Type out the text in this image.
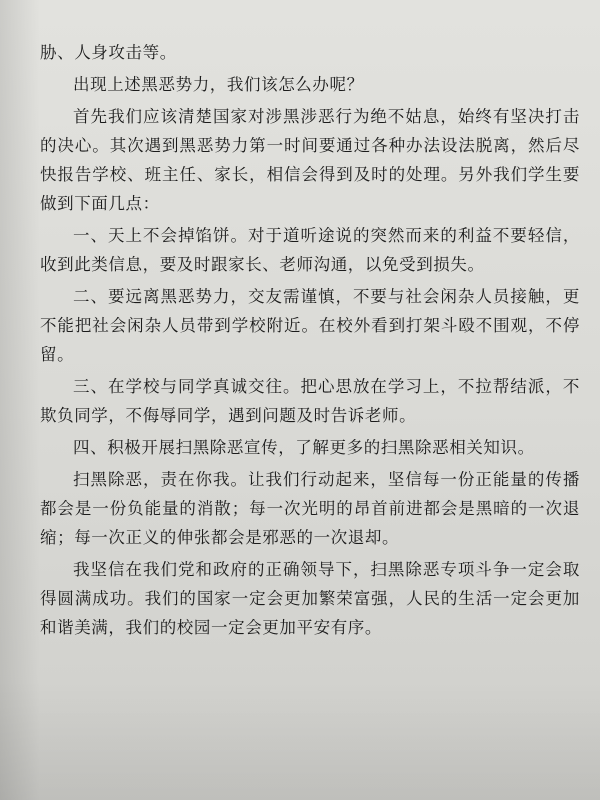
胁、人身攻击等。

出现上述黑恶势力，我们该怎么办呢？

首先我们应该清楚国家对涉黑涉恶行为绝不姑息，始终有坚决打击的决心。其次遇到黑恶势力第一时间要通过各种办法设法脱离，然后尽快报告学校、班主任、家长，相信会得到及时的处理。另外我们学生要做到下面几点：

一、天上不会掉馅饼。对于道听途说的突然而来的利益不要轻信，收到此类信息，要及时跟家长、老师沟通，以免受到损失。

二、要远离黑恶势力，交友需谨慎，不要与社会闲杂人员接触，更不能把社会闲杂人员带到学校附近。在校外看到打架斗殴不围观，不停留。

三、在学校与同学真诚交往。把心思放在学习上，不拉帮结派，不欺负同学，不侮辱同学，遇到问题及时告诉老师。

四、积极开展扫黑除恶宣传，了解更多的扫黑除恶相关知识。

扫黑除恶，责在你我。让我们行动起来，坚信每一份正能量的传播都会是一份负能量的消散；每一次光明的昂首前进都会是黑暗的一次退缩；每一次正义的伸张都会是邪恶的一次退却。

我坚信在我们党和政府的正确领导下，扫黑除恶专项斗争一定会取得圆满成功。我们的国家一定会更加繁荣富强，人民的生活一定会更加和谐美满，我们的校园一定会更加平安有序。
